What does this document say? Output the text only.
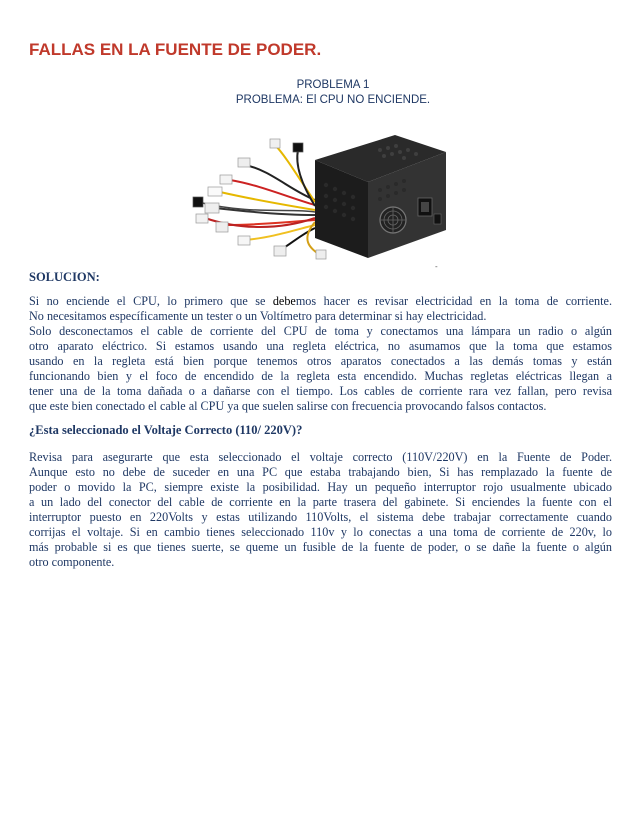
FALLAS EN LA FUENTE DE PODER.
PROBLEMA 1
PROBLEMA: El CPU NO ENCIENDE.
-
SOLUCION:
Si no enciende el CPU, lo primero que se debemos hacer es revisar electricidad en la toma de corriente.
No necesitamos específicamente un tester o un Voltímetro para determinar si hay electricidad.
Solo desconectamos el cable de corriente del CPU de toma y conectamos una lámpara un radio o algún
otro aparato eléctrico. Si estamos usando una regleta eléctrica, no asumamos que la toma que estamos
usando en la regleta está bien porque tenemos otros aparatos conectados a las demás tomas y están
funcionando bien y el foco de encendido de la regleta esta encendido. Muchas regletas eléctricas llegan a
tener una de la toma dañada o a dañarse con el tiempo. Los cables de corriente rara vez fallan, pero revisa
que este bien conectado el cable al CPU ya que suelen salirse con frecuencia provocando falsos contactos.
¿Esta seleccionado el Voltaje Correcto (110/ 220V)?
Revisa para asegurarte que esta seleccionado el voltaje correcto (110V/220V) en la Fuente de Poder.
Aunque esto no debe de suceder en una PC que estaba trabajando bien, Si has remplazado la fuente de
poder o movido la PC, siempre existe la posibilidad. Hay un pequeño interruptor rojo usualmente ubicado
a un lado del conector del cable de corriente en la parte trasera del gabinete. Si enciendes la fuente con el
interruptor puesto en 220Volts y estas utilizando 110Volts, el sistema debe trabajar correctamente cuando
corrijas el voltaje. Si en cambio tienes seleccionado 110v y lo conectas a una toma de corriente de 220v, lo
más probable si es que tienes suerte, se queme un fusible de la fuente de poder, o se dañe la fuente o algún
otro componente.
